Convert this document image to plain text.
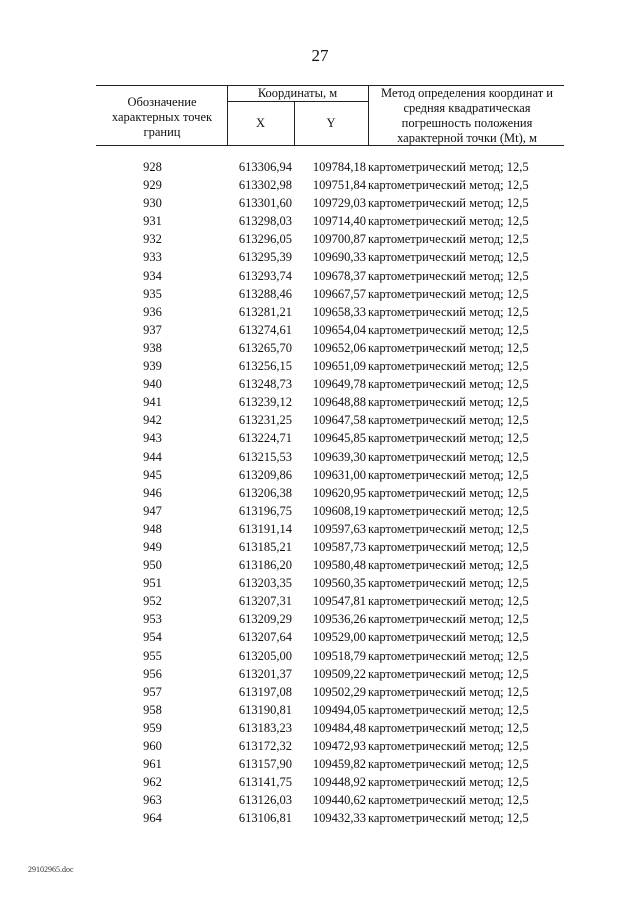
27
Обозначение характерных точек границ
Координаты, м
X	Y
Метод определения координат и средняя квадратическая погрешность положения характерной точки (Mt), м
928	613306,94	109784,18 картометрический метод; 12,5
929	613302,98	109751,84 картометрический метод; 12,5
930	613301,60	109729,03 картометрический метод; 12,5
931	613298,03	109714,40 картометрический метод; 12,5
932	613296,05	109700,87 картометрический метод; 12,5
933	613295,39	109690,33 картометрический метод; 12,5
934	613293,74	109678,37 картометрический метод; 12,5
935	613288,46	109667,57 картометрический метод; 12,5
936	613281,21	109658,33 картометрический метод; 12,5
937	613274,61	109654,04 картометрический метод; 12,5
938	613265,70	109652,06 картометрический метод; 12,5
939	613256,15	109651,09 картометрический метод; 12,5
940	613248,73	109649,78 картометрический метод; 12,5
941	613239,12	109648,88 картометрический метод; 12,5
942	613231,25	109647,58 картометрический метод; 12,5
943	613224,71	109645,85 картометрический метод; 12,5
944	613215,53	109639,30 картометрический метод; 12,5
945	613209,86	109631,00 картометрический метод; 12,5
946	613206,38	109620,95 картометрический метод; 12,5
947	613196,75	109608,19 картометрический метод; 12,5
948	613191,14	109597,63 картометрический метод; 12,5
949	613185,21	109587,73 картометрический метод; 12,5
950	613186,20	109580,48 картометрический метод; 12,5
951	613203,35	109560,35 картометрический метод; 12,5
952	613207,31	109547,81 картометрический метод; 12,5
953	613209,29	109536,26 картометрический метод; 12,5
954	613207,64	109529,00 картометрический метод; 12,5
955	613205,00	109518,79 картометрический метод; 12,5
956	613201,37	109509,22 картометрический метод; 12,5
957	613197,08	109502,29 картометрический метод; 12,5
958	613190,81	109494,05 картометрический метод; 12,5
959	613183,23	109484,48 картометрический метод; 12,5
960	613172,32	109472,93 картометрический метод; 12,5
961	613157,90	109459,82 картометрический метод; 12,5
962	613141,75	109448,92 картометрический метод; 12,5
963	613126,03	109440,62 картометрический метод; 12,5
964	613106,81	109432,33 картометрический метод; 12,5
29102965.doc
